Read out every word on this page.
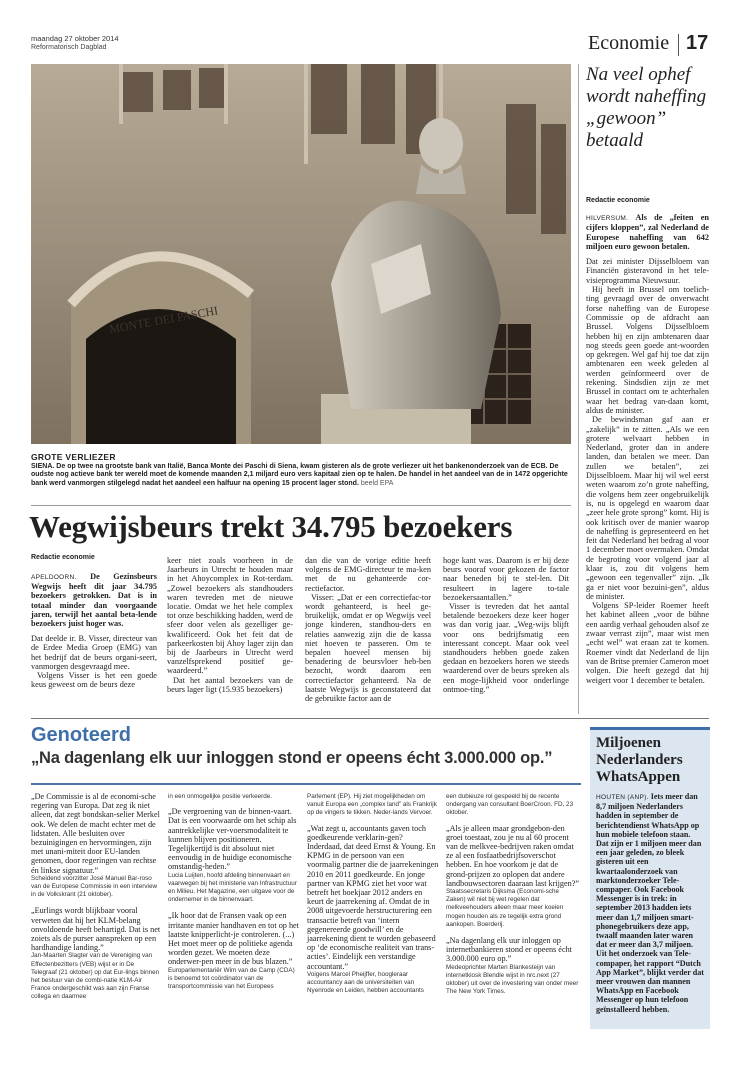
maandag 27 oktober 2014
Reformatorisch Dagblad	Economie 17
MONTE DEI PASCHI
GROTE VERLIEZER
SIENA. De op twee na grootste bank van Italië, Banca Monte dei Paschi di Siena, kwam gisteren als de grote verliezer uit het bankenonderzoek van de ECB. De oudste nog actieve bank ter wereld moet de komende maanden 2,1 miljard euro vers kapitaal zien op te halen. De handel in het aandeel van de in 1472 opgerichte bank werd vanmorgen stilgelegd nadat het aandeel een halfuur na opening 15 procent lager stond. beeld EPA
Wegwijsbeurs trekt 34.795 bezoekers
Redactie economie

APELDOORN. De Gezinsbeurs Wegwijs heeft dit jaar 34.795 bezoekers getrokken. Dat is in totaal minder dan voorgaande jaren, terwijl het aantal beta-lende bezoekers juist hoger was.

Dat deelde ir. B. Visser, directeur van de Erdee Media Groep (EMG) van het bedrijf dat de beurs organi-seert, vanmorgen desgevraagd mee.

Volgens Visser is het een goede keus geweest om de beurs deze

keer niet zoals voorheen in de Jaarbeurs in Utrecht te houden maar in het Ahoycomplex in Rot-terdam. „Zowel bezoekers als standhouders waren tevreden met de nieuwe locatie. Omdat we het hele complex tot onze beschikking hadden, werd de sfeer door velen als gezelliger ge-kwalificeerd. Ook het feit dat de parkeerkosten bij Ahoy lager zijn dan bij de Jaarbeurs in Utrecht werd vanzelfsprekend positief ge-waardeerd.”

Dat het aantal bezoekers van de beurs lager ligt (15.935 bezoekers)

dan die van de vorige editie heeft volgens de EMG-directeur te ma-ken met de nu gehanteerde cor-rectiefactor.

Visser: „Dat er een correctiefac-tor wordt gehanteerd, is heel ge-bruikelijk, omdat er op Wegwijs veel jonge kinderen, standhou-ders en relaties aanwezig zijn die de kassa niet hoeven te passeren. Om te bepalen hoeveel mensen bij benadering de beursvloer heb-ben bezocht, wordt daarom een correctiefactor gehanteerd. Na de laatste Wegwijs is geconstateerd dat de gebruikte factor aan de

hoge kant was. Daarom is er bij deze beurs vooraf voor gekozen de factor naar beneden bij te stel-len. Dit resulteert in lagere to-tale bezoekersaantallen.”

Visser is tevreden dat het aantal betalende bezoekers deze keer hoger was dan vorig jaar. „Weg-wijs blijft voor ons bedrijfsmatig een interessant concept. Maar ook veel standhouders hebben goede zaken gedaan en bezoekers horen we steeds waarderend over de beurs spreken als een moge-lijkheid voor onderlinge ontmoe-ting.”

Na veel ophef wordt naheffing „gewoon” betaald
Redactie economie

HILVERSUM. Als de „feiten en cijfers kloppen”, zal Nederland de Europese naheffing van 642 miljoen euro gewoon betalen.

Dat zei minister Dijsselbloem van Financiën gisteravond in het tele-visieprogramma Nieuwsuur.

Hij heeft in Brussel om toelich-ting gevraagd over de onverwacht forse naheffing van de Europese Commissie op de afdracht aan Brussel. Volgens Dijsselbloem hebben hij en zijn ambtenaren daar nog steeds geen goede ant-woorden op gekregen. Wel gaf hij toe dat zijn ambtenaren een week geleden al werden geïnformeerd over de rekening. Sindsdien zijn ze met Brussel in contact om te achterhalen waar het bedrag van-daan komt, aldus de minister.

De bewindsman gaf aan er „zakelijk” in te zitten. „Als we een grotere welvaart hebben in Nederland, groter dan in andere landen, dan betalen we meer. Dan zullen we betalen”, zei Dijsselbloem. Maar hij wil wel eerst weten waarom zo’n grote naheffing, die volgens hem zeer ongebruikelijk is, nu is opgelegd en waarom daar „zeer hele grote sprong” komt. Hij is ook kritisch over de manier waarop de naheffing is gepresenteerd en het feit dat Nederland het bedrag al voor 1 december moet overmaken. Omdat de begroting voor volgend jaar al klaar is, zou dit volgens hem „gewoon een tegenvaller” zijn. „Ik ga er niet voor bezuini-gen”, aldus de minister.

Volgens SP-leider Roemer heeft het kabinet alleen „voor de bühne een aardig verhaal gehouden alsof ze zwaar verrast zijn”, maar wist men „echt wel” wat eraan zat te komen. Roemer vindt dat Nederland de lijn van de Britse premier Cameron moet volgen. Die heeft gezegd dat hij weigert voor 1 december te betalen.

Genoteerd
„Na dagenlang elk uur inloggen stond er opeens écht 3.000.000 op.”
„De Commissie is al de economi-sche regering van Europa. Dat zeg ik niet alleen, dat zegt bondskan-selier Merkel ook. We delen de macht echter met de lidstaten. Alle besluiten over bezuinigingen en hervormingen, zijn met unani-miteit door EU-landen genomen, door regeringen van rechtse én linkse signatuur.”
Scheidend voorzitter José Manuel Bar-roso van de Europese Commissie in een interview in de Volkskrant (21 oktober).
„Eurlings wordt blijkbaar vooral verweten dat hij het KLM-belang onvoldoende heeft behartigd. Dat is net zoiets als de purser aanspreken op een hardhandige landing.”
Jan-Maarten Slagter van de Vereniging van Effectenbezitters (VEB) wijst er in De Telegraaf (21 oktober) op dat Eur-lings binnen het bestuur van de combi-natie KLM-Air France ondergeschikt was aan zijn Franse collega en daarmee
in een onmogelijke positie verkeerde.
„De vergroening van de binnen-vaart. Dat is een voorwaarde om het schip als aantrekkelijke ver-voersmodaliteit te kunnen blijven positioneren. Tegelijkertijd is dit absoluut niet eenvoudig in de huidige economische omstandig-heden.”
Lucia Luijten, hoofd afdeling binnenvaart en vaarwegen bij het ministerie van Infrastructuur en Milieu. Het Magazine, een uitgave voor de ondernemer in de binnenvaart.
„Ik hoor dat de Fransen vaak op een irritante manier handhaven en tot op het laatste knipperlicht-je controleren. (...) Het moet meer op de politieke agenda worden gezet. We moeten deze onderwer-pen meer in de bus blazen.”
Europarlementariër Wim van de Camp (CDA) is benoemd tot coördinator van de transportcommissie van het Europees
Parlement (EP). Hij ziet mogelijkheden om vanuit Europa een „complex land” als Frankrijk op de vingers te tikken. Neder-lands Vervoer.
„Wat zegt u, accountants gaven toch goedkeurende verklarin-gen? Inderdaad, dat deed Ernst & Young. En KPMG in de persoon van een voormalig partner die de jaarrekeningen 2010 en 2011 goedkeurde. En jonge partner van KPMG ziet het voor wat betreft het boekjaar 2012 anders en keurt de jaarrekening af. Omdat de in 2008 uitgevoerde herstructurering een transactie betreft van ‘intern gegenereerde goodwill’ en de jaarrekening dient te worden gebaseerd op ‘de economische realiteit van trans-acties’. Eindelijk een verstandige accountant.”
Voigens Marcel Pheijffer, hoogleraar accountancy aan de universiteiten van Nyenrode en Leiden, hebben accountants
een dubieuze rol gespeeld bij de recente ondergang van consultant BoerCroon. FD, 23 oktober.
„Als je alleen maar grondgebon-den groei toestaat, zou je nu al 60 procent van de melkvee-bedrijven raken omdat ze al een fosfaatbedrijfsoverschot hebben. En hoe voorkom je dat de grond-prijzen zo oplopen dat andere landbouwsectoren daaraan last krijgen?”
Staatssecretaris Dijksma (Economi-sche Zaken) wil niet bij wet regelen dat melkveehouders alleen maar meer koeien mogen houden als ze tegelijk extra grond aankopen. Boerderij.
„Na dagenlang elk uur inloggen op internetbankieren stond er opeens écht 3.000.000 euro op.”
Medeoprichter Marten Blankesteijn van internetkiosk Blendle wijst in nrc.next (27 oktober) uit over de investering van onder meer The New York Times.
Miljoenen Nederlanders WhatsAppen
HOUTEN (ANP). Iets meer dan 8,7 miljoen Nederlanders hadden in september de berichtendienst WhatsApp op hun mobiele telefoon staan. Dat zijn er 1 miljoen meer dan een jaar geleden, zo bleek gisteren uit een kwartaalonderzoek van marktonderzoeker Tele-compaper. Ook Facebook Messenger is in trek: in september 2013 hadden iets meer dan 1,7 miljoen smart-phonegebruikers deze app, twaalf maanden later waren dat er meer dan 3,7 miljoen. Uit het onderzoek van Tele-compaper, het rapport “Dutch App Market”, blijkt verder dat meer vrouwen dan mannen WhatsApp en Facebook Messenger op hun telefoon geïnstalleerd hebben.
